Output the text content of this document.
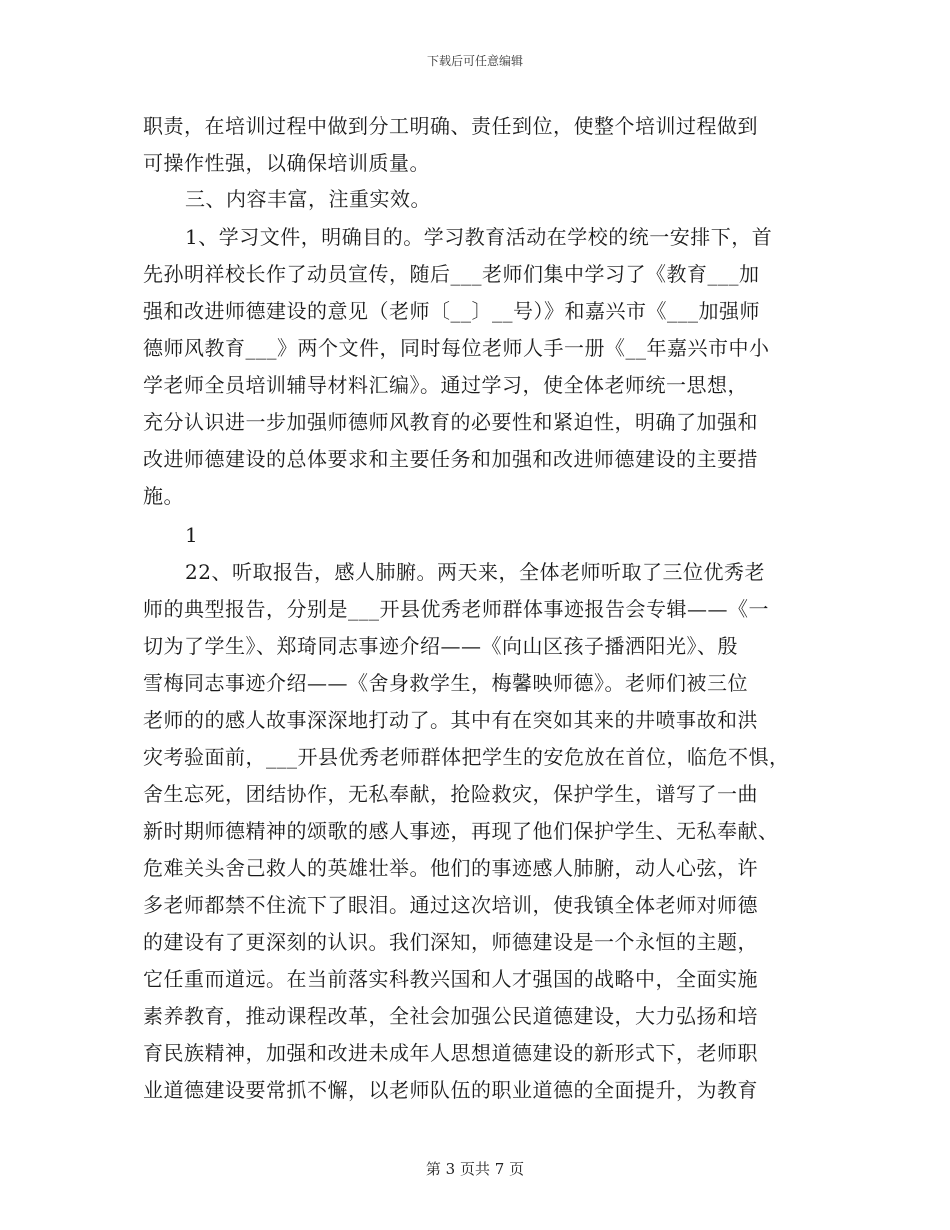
下载后可任意编辑
职责，在培训过程中做到分工明确、责任到位，使整个培训过程做到
可操作性强，以确保培训质量。
三、内容丰富，注重实效。
1、学习文件，明确目的。学习教育活动在学校的统一安排下，首
先孙明祥校长作了动员宣传，随后___老师们集中学习了《教育___加
强和改进师德建设的意见（老师〔__〕__号）》和嘉兴市《___加强师
德师风教育___》两个文件，同时每位老师人手一册《__年嘉兴市中小
学老师全员培训辅导材料汇编》。通过学习，使全体老师统一思想，
充分认识进一步加强师德师风教育的必要性和紧迫性，明确了加强和
改进师德建设的总体要求和主要任务和加强和改进师德建设的主要措
施。
1
22、听取报告，感人肺腑。两天来，全体老师听取了三位优秀老
师的典型报告，分别是___开县优秀老师群体事迹报告会专辑——《一
切为了学生》、郑琦同志事迹介绍——《向山区孩子播洒阳光》、殷
雪梅同志事迹介绍——《舍身救学生，梅馨映师德》。老师们被三位
老师的的感人故事深深地打动了。其中有在突如其来的井喷事故和洪
灾考验面前，___开县优秀老师群体把学生的安危放在首位，临危不惧，
舍生忘死，团结协作，无私奉献，抢险救灾，保护学生，谱写了一曲
新时期师德精神的颂歌的感人事迹，再现了他们保护学生、无私奉献、
危难关头舍己救人的英雄壮举。他们的事迹感人肺腑，动人心弦，许
多老师都禁不住流下了眼泪。通过这次培训，使我镇全体老师对师德
的建设有了更深刻的认识。我们深知，师德建设是一个永恒的主题，
它任重而道远。在当前落实科教兴国和人才强国的战略中，全面实施
素养教育，推动课程改革，全社会加强公民道德建设，大力弘扬和培
育民族精神，加强和改进未成年人思想道德建设的新形式下，老师职
业道德建设要常抓不懈，以老师队伍的职业道德的全面提升，为教育
第 3 页共 7 页
